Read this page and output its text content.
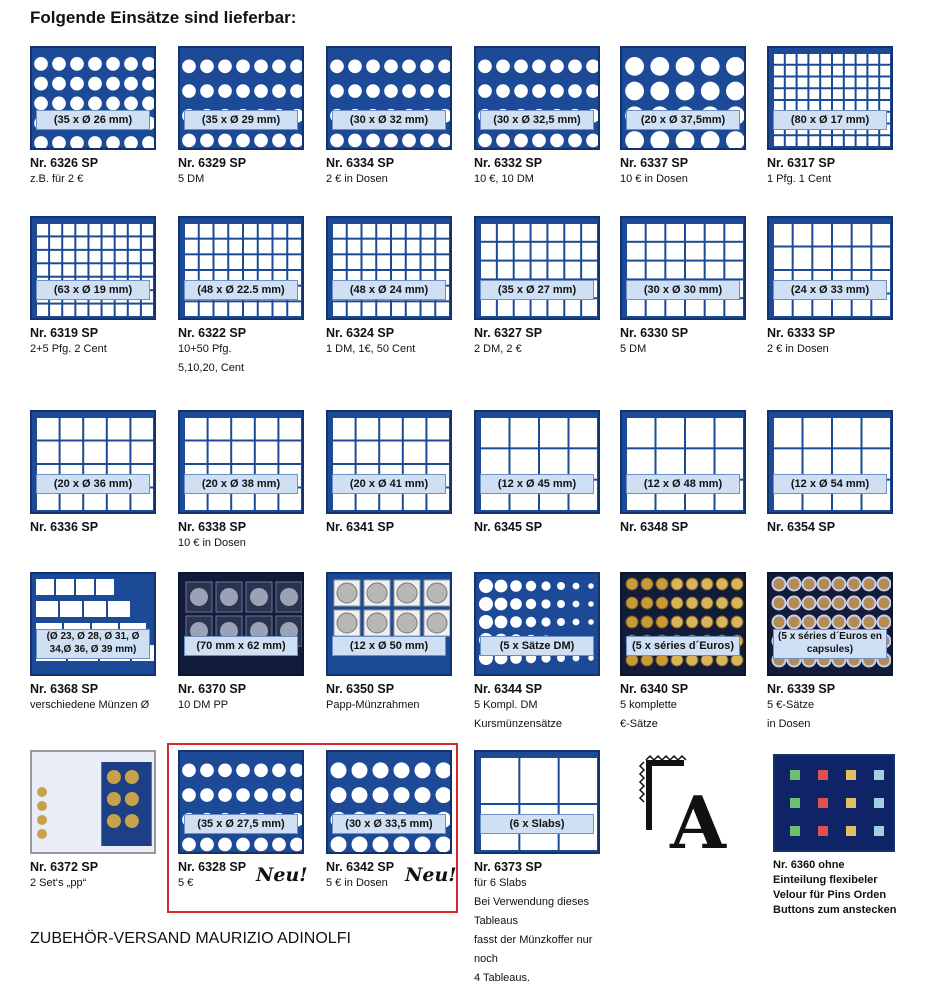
Folgende Einsätze sind lieferbar:
(35 x Ø 26 mm)
Nr. 6326 SP
z.B. für 2 €
(35 x Ø 29 mm)
Nr. 6329 SP
5 DM
(30 x Ø 32 mm)
Nr. 6334 SP
2 € in Dosen
(30 x Ø 32,5 mm)
Nr. 6332 SP
10 €, 10 DM
(20 x Ø 37,5mm)
Nr. 6337 SP
10 € in Dosen
(80 x Ø 17 mm)
Nr. 6317 SP
1 Pfg. 1 Cent
(63 x Ø 19 mm)
Nr. 6319 SP
2+5 Pfg. 2 Cent
(48 x Ø 22.5 mm)
Nr. 6322 SP
10+50 Pfg.
5,10,20, Cent
(48 x Ø 24 mm)
Nr. 6324 SP
1 DM, 1€, 50 Cent
(35 x Ø 27 mm)
Nr. 6327 SP
2 DM, 2 €
(30 x Ø 30 mm)
Nr. 6330 SP
5 DM
(24 x Ø 33 mm)
Nr. 6333 SP
2 € in Dosen
(20 x Ø 36 mm)
Nr. 6336 SP
(20 x Ø 38 mm)
Nr. 6338 SP
10 € in Dosen
(20 x Ø 41 mm)
Nr. 6341 SP
(12 x Ø 45 mm)
Nr. 6345 SP
(12 x Ø 48 mm)
Nr. 6348 SP
(12 x Ø 54 mm)
Nr. 6354 SP
(Ø 23, Ø 28, Ø 31, Ø 34,Ø 36, Ø 39 mm)
Nr. 6368 SP
verschiedene Münzen Ø
(70 mm x 62 mm)
Nr. 6370 SP
10 DM PP
(12 x Ø 50 mm)
Nr. 6350 SP
Papp-Münzrahmen
(5 x Sätze DM)
Nr. 6344 SP
5 Kompl. DM
Kursmünzensätze
(5 x séries d´Euros)
Nr. 6340 SP
5 komplette
€-Sätze
(5 x séries d´Euros en capsules)
Nr. 6339 SP
5 €-Sätze
in Dosen
Nr. 6372 SP
2 Set‘s „pp“
(35 x Ø 27,5 mm)
Nr. 6328 SP
5 €
(30 x Ø 33,5 mm)
Nr. 6342 SP
5 € in Dosen
(6 x Slabs)
Nr. 6373 SP
für 6 Slabs
Bei Verwendung dieses Tableaus
fasst der Münzkoffer nur noch
4 Tableaus.
Nr. 6360 ohne
Einteilung flexibeler
Velour für Pins Orden
Buttons zum anstecken
Neu!	Neu!
A
ZUBEHÖR-VERSAND MAURIZIO ADINOLFI
